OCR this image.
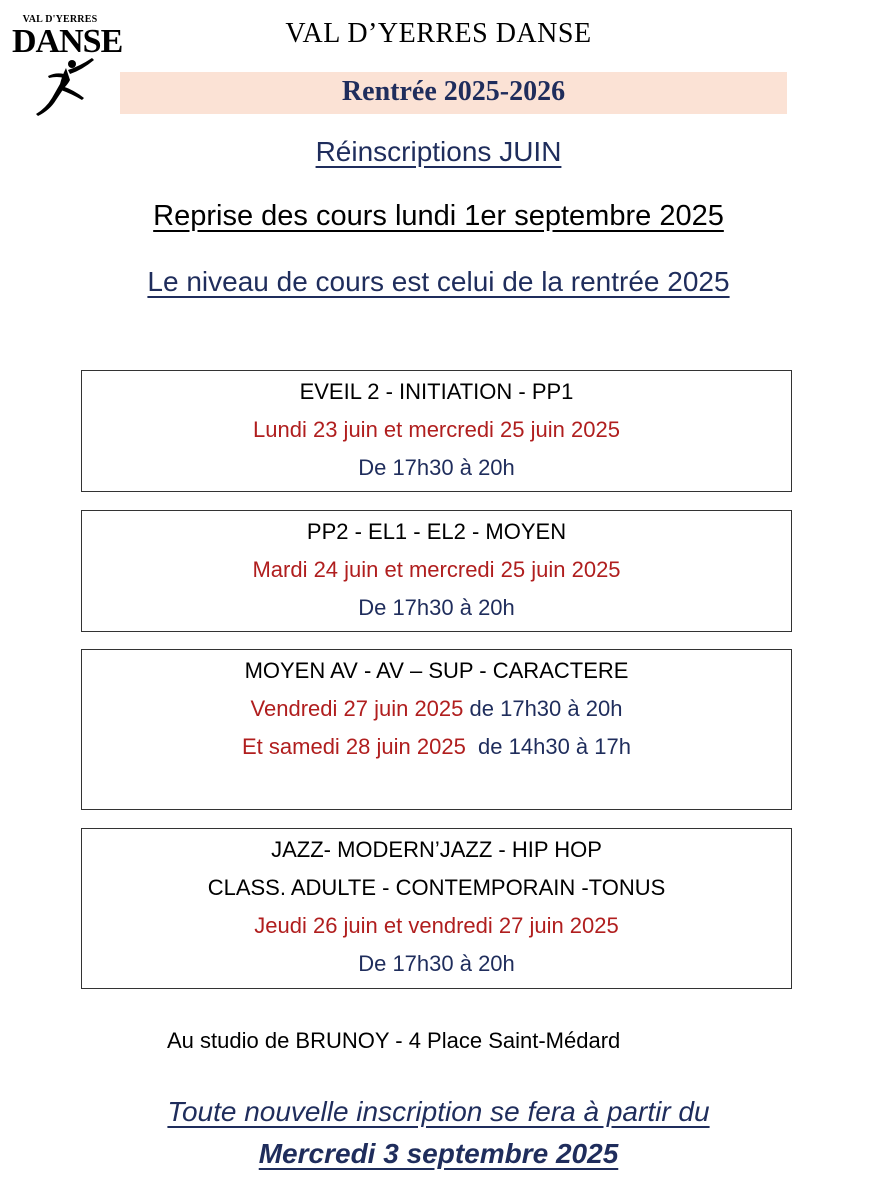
VAL D'YERRES
DANSE	VAL D’YERRES DANSE
Rentrée 2025-2026
Réinscriptions JUIN
Reprise des cours lundi 1er septembre 2025
Le niveau de cours est celui de la rentrée 2025
EVEIL 2 - INITIATION - PP1
Lundi 23 juin et mercredi 25 juin 2025
De 17h30 à 20h
PP2 - EL1 - EL2 - MOYEN
Mardi 24 juin et mercredi 25 juin 2025
De 17h30 à 20h
MOYEN AV - AV – SUP - CARACTERE
Vendredi 27 juin 2025 de 17h30 à 20h
Et samedi 28 juin 2025  de 14h30 à 17h
JAZZ- MODERN’JAZZ - HIP HOP
CLASS. ADULTE - CONTEMPORAIN -TONUS
Jeudi 26 juin et vendredi 27 juin 2025
De 17h30 à 20h
Au studio de BRUNOY - 4 Place Saint-Médard
Toute nouvelle inscription se fera à partir du
Mercredi 3 septembre 2025
